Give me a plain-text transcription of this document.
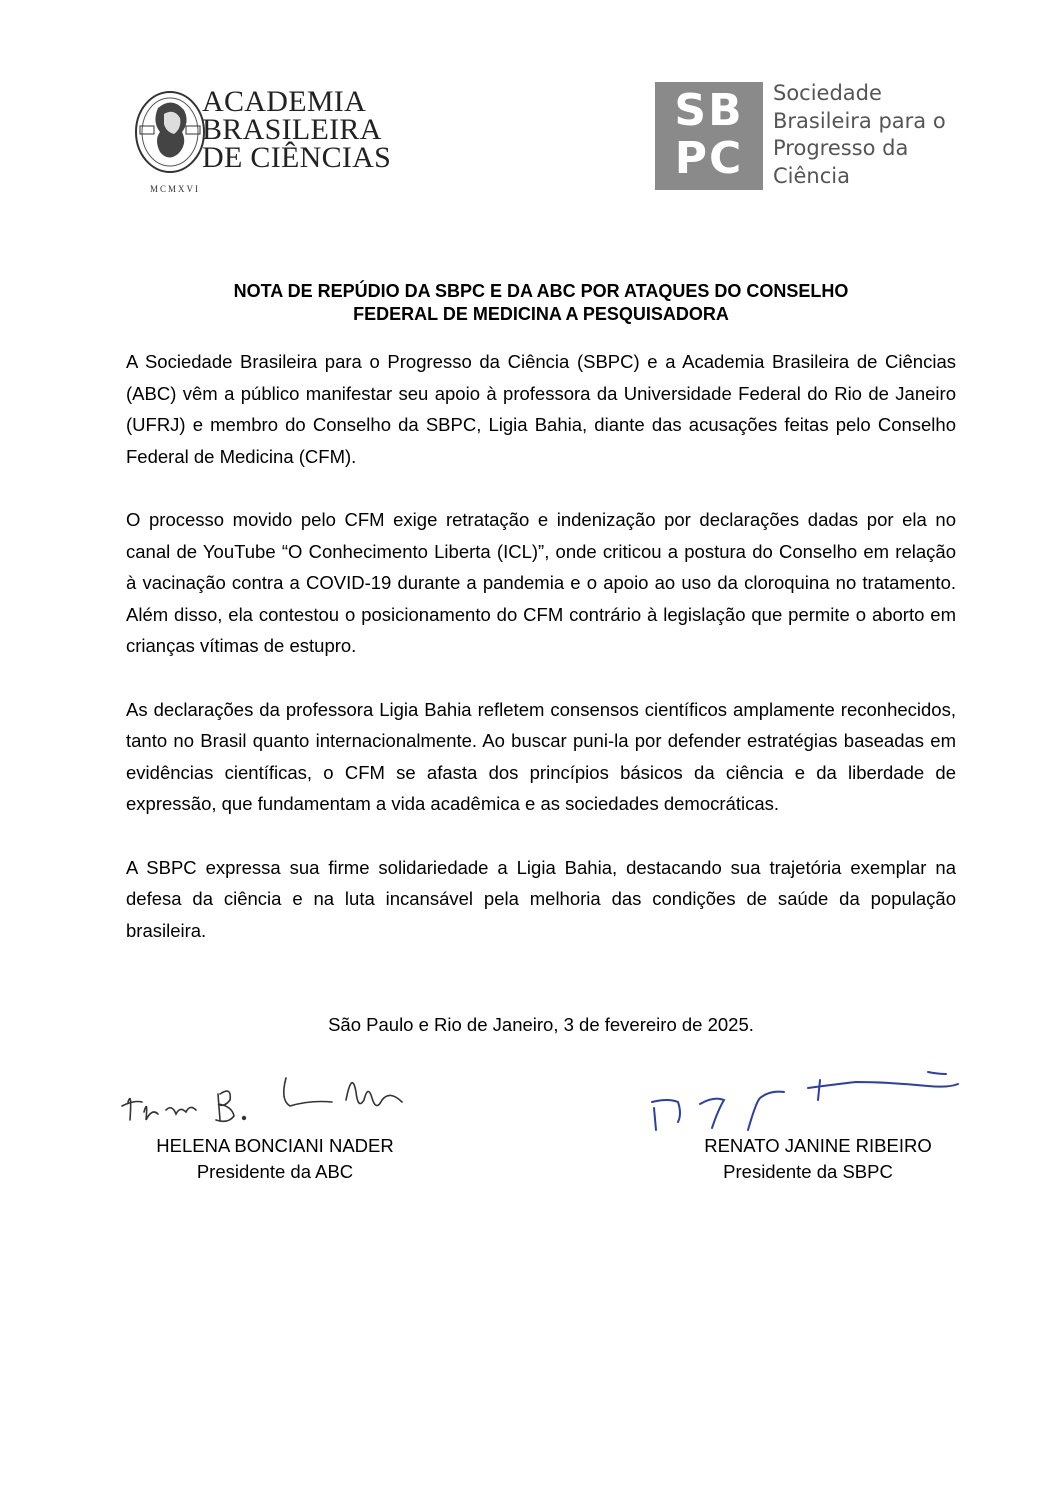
ACADEMIA
BRASILEIRA
DE CIÊNCIAS
MCMXVI
SB
PC
Sociedade
Brasileira para o
Progresso da
Ciência
NOTA DE REPÚDIO DA SBPC E DA ABC POR ATAQUES DO CONSELHO
FEDERAL DE MEDICINA A PESQUISADORA

A Sociedade Brasileira para o Progresso da Ciência (SBPC) e a Academia Brasileira de Ciências (ABC) vêm a público manifestar seu apoio à professora da Universidade Federal do Rio de Janeiro (UFRJ) e membro do Conselho da SBPC, Ligia Bahia, diante das acusações feitas pelo Conselho Federal de Medicina (CFM).

O processo movido pelo CFM exige retratação e indenização por declarações dadas por ela no canal de YouTube “O Conhecimento Liberta (ICL)”, onde criticou a postura do Conselho em relação à vacinação contra a COVID-19 durante a pandemia e o apoio ao uso da cloroquina no tratamento. Além disso, ela contestou o posicionamento do CFM contrário à legislação que permite o aborto em crianças vítimas de estupro.

As declarações da professora Ligia Bahia refletem consensos científicos amplamente reconhecidos, tanto no Brasil quanto internacionalmente. Ao buscar puni-la por defender estratégias baseadas em evidências científicas, o CFM se afasta dos princípios básicos da ciência e da liberdade de expressão, que fundamentam a vida acadêmica e as sociedades democráticas.

A SBPC expressa sua firme solidariedade a Ligia Bahia, destacando sua trajetória exemplar na defesa da ciência e na luta incansável pela melhoria das condições de saúde da população brasileira.

São Paulo e Rio de Janeiro, 3 de fevereiro de 2025.
HELENA BONCIANI NADER
Presidente da ABC
RENATO JANINE RIBEIRO
Presidente da SBPC
